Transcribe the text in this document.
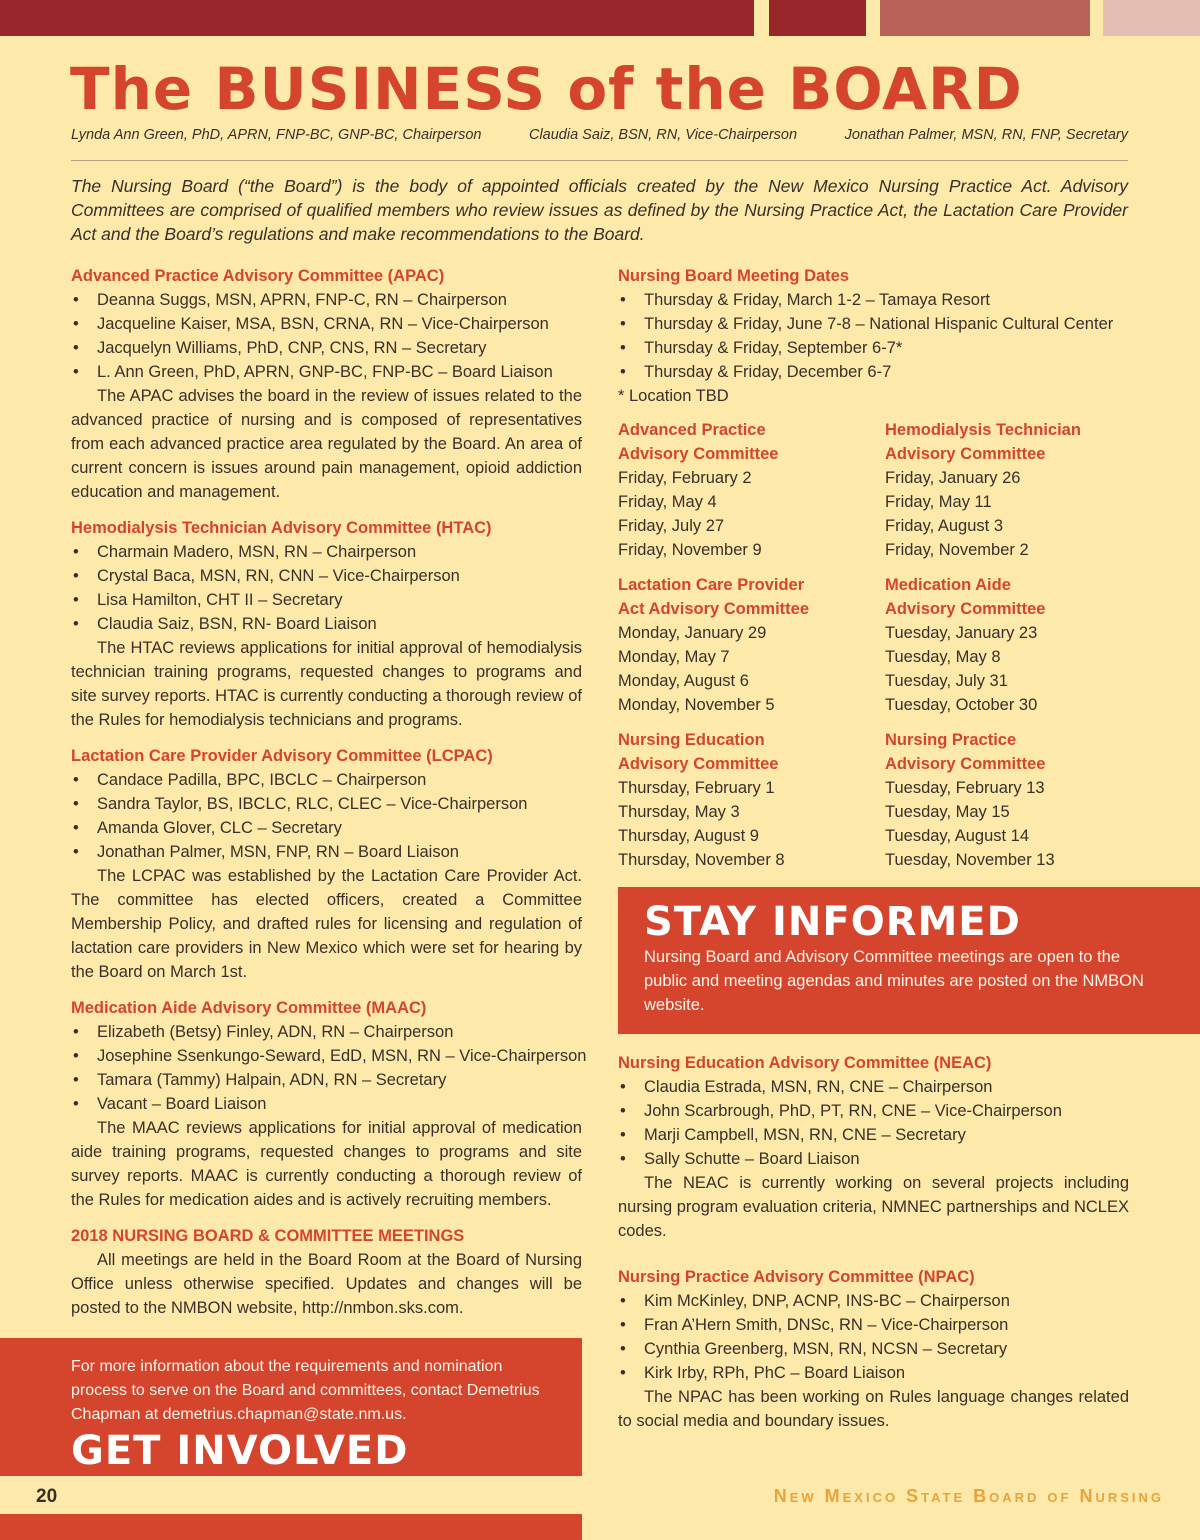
The BUSINESS of the BOARD
Lynda Ann Green, PhD, APRN, FNP-BC, GNP-BC, Chairperson	Claudia Saiz, BSN, RN, Vice-Chairperson	Jonathan Palmer, MSN, RN, FNP, Secretary

The Nursing Board (“the Board”) is the body of appointed officials created by the New Mexico Nursing Practice Act. Advisory Committees are comprised of qualified members who review issues as defined by the Nursing Practice Act, the Lactation Care Provider Act and the Board’s regulations and make recommendations to the Board.

Advanced Practice Advisory Committee (APAC)
• Deanna Suggs, MSN, APRN, FNP-C, RN – Chairperson
• Jacqueline Kaiser, MSA, BSN, CRNA, RN – Vice-Chairperson
• Jacquelyn Williams, PhD, CNP, CNS, RN – Secretary
• L. Ann Green, PhD, APRN, GNP-BC, FNP-BC – Board Liaison

The APAC advises the board in the review of issues related to the advanced practice of nursing and is composed of representatives from each advanced practice area regulated by the Board. An area of current concern is issues around pain management, opioid addiction education and management.

Hemodialysis Technician Advisory Committee (HTAC)
• Charmain Madero, MSN, RN – Chairperson
• Crystal Baca, MSN, RN, CNN – Vice-Chairperson
• Lisa Hamilton, CHT II – Secretary
• Claudia Saiz, BSN, RN- Board Liaison

The HTAC reviews applications for initial approval of hemodialysis technician training programs, requested changes to programs and site survey reports. HTAC is currently conducting a thorough review of the Rules for hemodialysis technicians and programs.

Lactation Care Provider Advisory Committee (LCPAC)
• Candace Padilla, BPC, IBCLC – Chairperson
• Sandra Taylor, BS, IBCLC, RLC, CLEC – Vice-Chairperson
• Amanda Glover, CLC – Secretary
• Jonathan Palmer, MSN, FNP, RN – Board Liaison

The LCPAC was established by the Lactation Care Provider Act. The committee has elected officers, created a Committee Membership Policy, and drafted rules for licensing and regulation of lactation care providers in New Mexico which were set for hearing by the Board on March 1st.

Medication Aide Advisory Committee (MAAC)
• Elizabeth (Betsy) Finley, ADN, RN – Chairperson
• Josephine Ssenkungo-Seward, EdD, MSN, RN – Vice-Chairperson
• Tamara (Tammy) Halpain, ADN, RN – Secretary
• Vacant – Board Liaison

The MAAC reviews applications for initial approval of medication aide training programs, requested changes to programs and site survey reports. MAAC is currently conducting a thorough review of the Rules for medication aides and is actively recruiting members.

2018 NURSING BOARD & COMMITTEE MEETINGS

All meetings are held in the Board Room at the Board of Nursing Office unless otherwise specified. Updates and changes will be posted to the NMBON website, http://nmbon.sks.com.

Nursing Board Meeting Dates
• Thursday & Friday, March 1-2 – Tamaya Resort
• Thursday & Friday, June 7-8 – National Hispanic Cultural Center
• Thursday & Friday, September 6-7*
• Thursday & Friday, December 6-7

* Location TBD

Advanced Practice
Advisory Committee
Friday, February 2
Friday, May 4
Friday, July 27
Friday, November 9
Hemodialysis Technician
Advisory Committee
Friday, January 26
Friday, May 11
Friday, August 3
Friday, November 2
Lactation Care Provider
Act Advisory Committee
Monday, January 29
Monday, May 7
Monday, August 6
Monday, November 5
Medication Aide
Advisory Committee
Tuesday, January 23
Tuesday, May 8
Tuesday, July 31
Tuesday, October 30
Nursing Education
Advisory Committee
Thursday, February 1
Thursday, May 3
Thursday, August 9
Thursday, November 8
Nursing Practice
Advisory Committee
Tuesday, February 13
Tuesday, May 15
Tuesday, August 14
Tuesday, November 13
STAY INFORMED
Nursing Board and Advisory Committee meetings are open to the public and meeting agendas and minutes are posted on the NMBON website.
Nursing Education Advisory Committee (NEAC)
• Claudia Estrada, MSN, RN, CNE – Chairperson
• John Scarbrough, PhD, PT, RN, CNE – Vice-Chairperson
• Marji Campbell, MSN, RN, CNE – Secretary
• Sally Schutte – Board Liaison

The NEAC is currently working on several projects including nursing program evaluation criteria, NMNEC partnerships and NCLEX codes.

Nursing Practice Advisory Committee (NPAC)
• Kim McKinley, DNP, ACNP, INS-BC – Chairperson
• Fran A’Hern Smith, DNSc, RN – Vice-Chairperson
• Cynthia Greenberg, MSN, RN, NCSN – Secretary
• Kirk Irby, RPh, PhC – Board Liaison

The NPAC has been working on Rules language changes related to social media and boundary issues.

For more information about the requirements and nomination process to serve on the Board and committees, contact Demetrius Chapman at demetrius.chapman@state.nm.us.
GET INVOLVED
20	New Mexico State Board of Nursing
